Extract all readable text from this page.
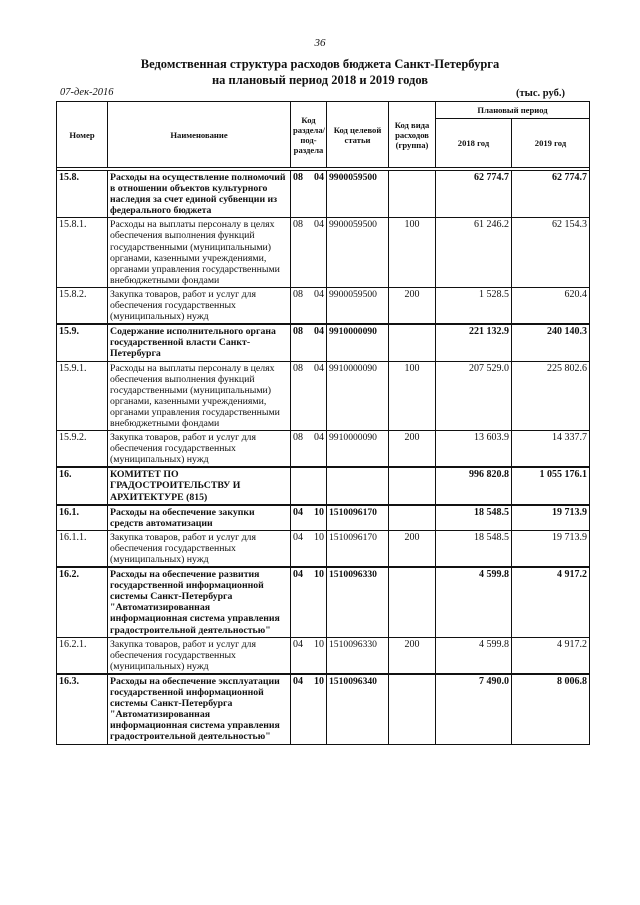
36
Ведомственная структура расходов бюджета Санкт-Петербурга
на плановый период 2018 и 2019 годов
07-дек-2016	(тыс. руб.)
Номер	Наименование	Код раздела/ под- раздела		Код целевой статьи	Код вида расходов (группа)	Плановый период	
						2018 год	2019 год

15.8.	Расходы на осуществление полномочий в отношении объектов культурного наследия за счет единой субвенции из федерального бюджета	08	04	9900059500		62 774.7	62 774.7
15.8.1.	Расходы на выплаты персоналу в целях обеспечения выполнения функций государственными (муниципальными) органами, казенными учреждениями, органами управления государственными внебюджетными фондами	08	04	9900059500	100	61 246.2	62 154.3
15.8.2.	Закупка товаров, работ и услуг для обеспечения государственных (муниципальных) нужд	08	04	9900059500	200	1 528.5	620.4
15.9.	Содержание исполнительного органа государственной власти Санкт-Петербурга	08	04	9910000090		221 132.9	240 140.3
15.9.1.	Расходы на выплаты персоналу в целях обеспечения выполнения функций государственными (муниципальными) органами, казенными учреждениями, органами управления государственными внебюджетными фондами	08	04	9910000090	100	207 529.0	225 802.6
15.9.2.	Закупка товаров, работ и услуг для обеспечения государственных (муниципальных) нужд	08	04	9910000090	200	13 603.9	14 337.7
16.	КОМИТЕТ ПО ГРАДОСТРОИТЕЛЬСТВУ И АРХИТЕКТУРЕ (815)					996 820.8	1 055 176.1
16.1.	Расходы на обеспечение закупки средств автоматизации	04	10	1510096170		18 548.5	19 713.9
16.1.1.	Закупка товаров, работ и услуг для обеспечения государственных (муниципальных) нужд	04	10	1510096170	200	18 548.5	19 713.9
16.2.	Расходы на обеспечение развития государственной информационной системы Санкт-Петербурга "Автоматизированная информационная система управления градостроительной деятельностью"	04	10	1510096330		4 599.8	4 917.2
16.2.1.	Закупка товаров, работ и услуг для обеспечения государственных (муниципальных) нужд	04	10	1510096330	200	4 599.8	4 917.2
16.3.	Расходы на обеспечение эксплуатации государственной информационной системы Санкт-Петербурга "Автоматизированная информационная система управления градостроительной деятельностью"	04	10	1510096340		7 490.0	8 006.8
